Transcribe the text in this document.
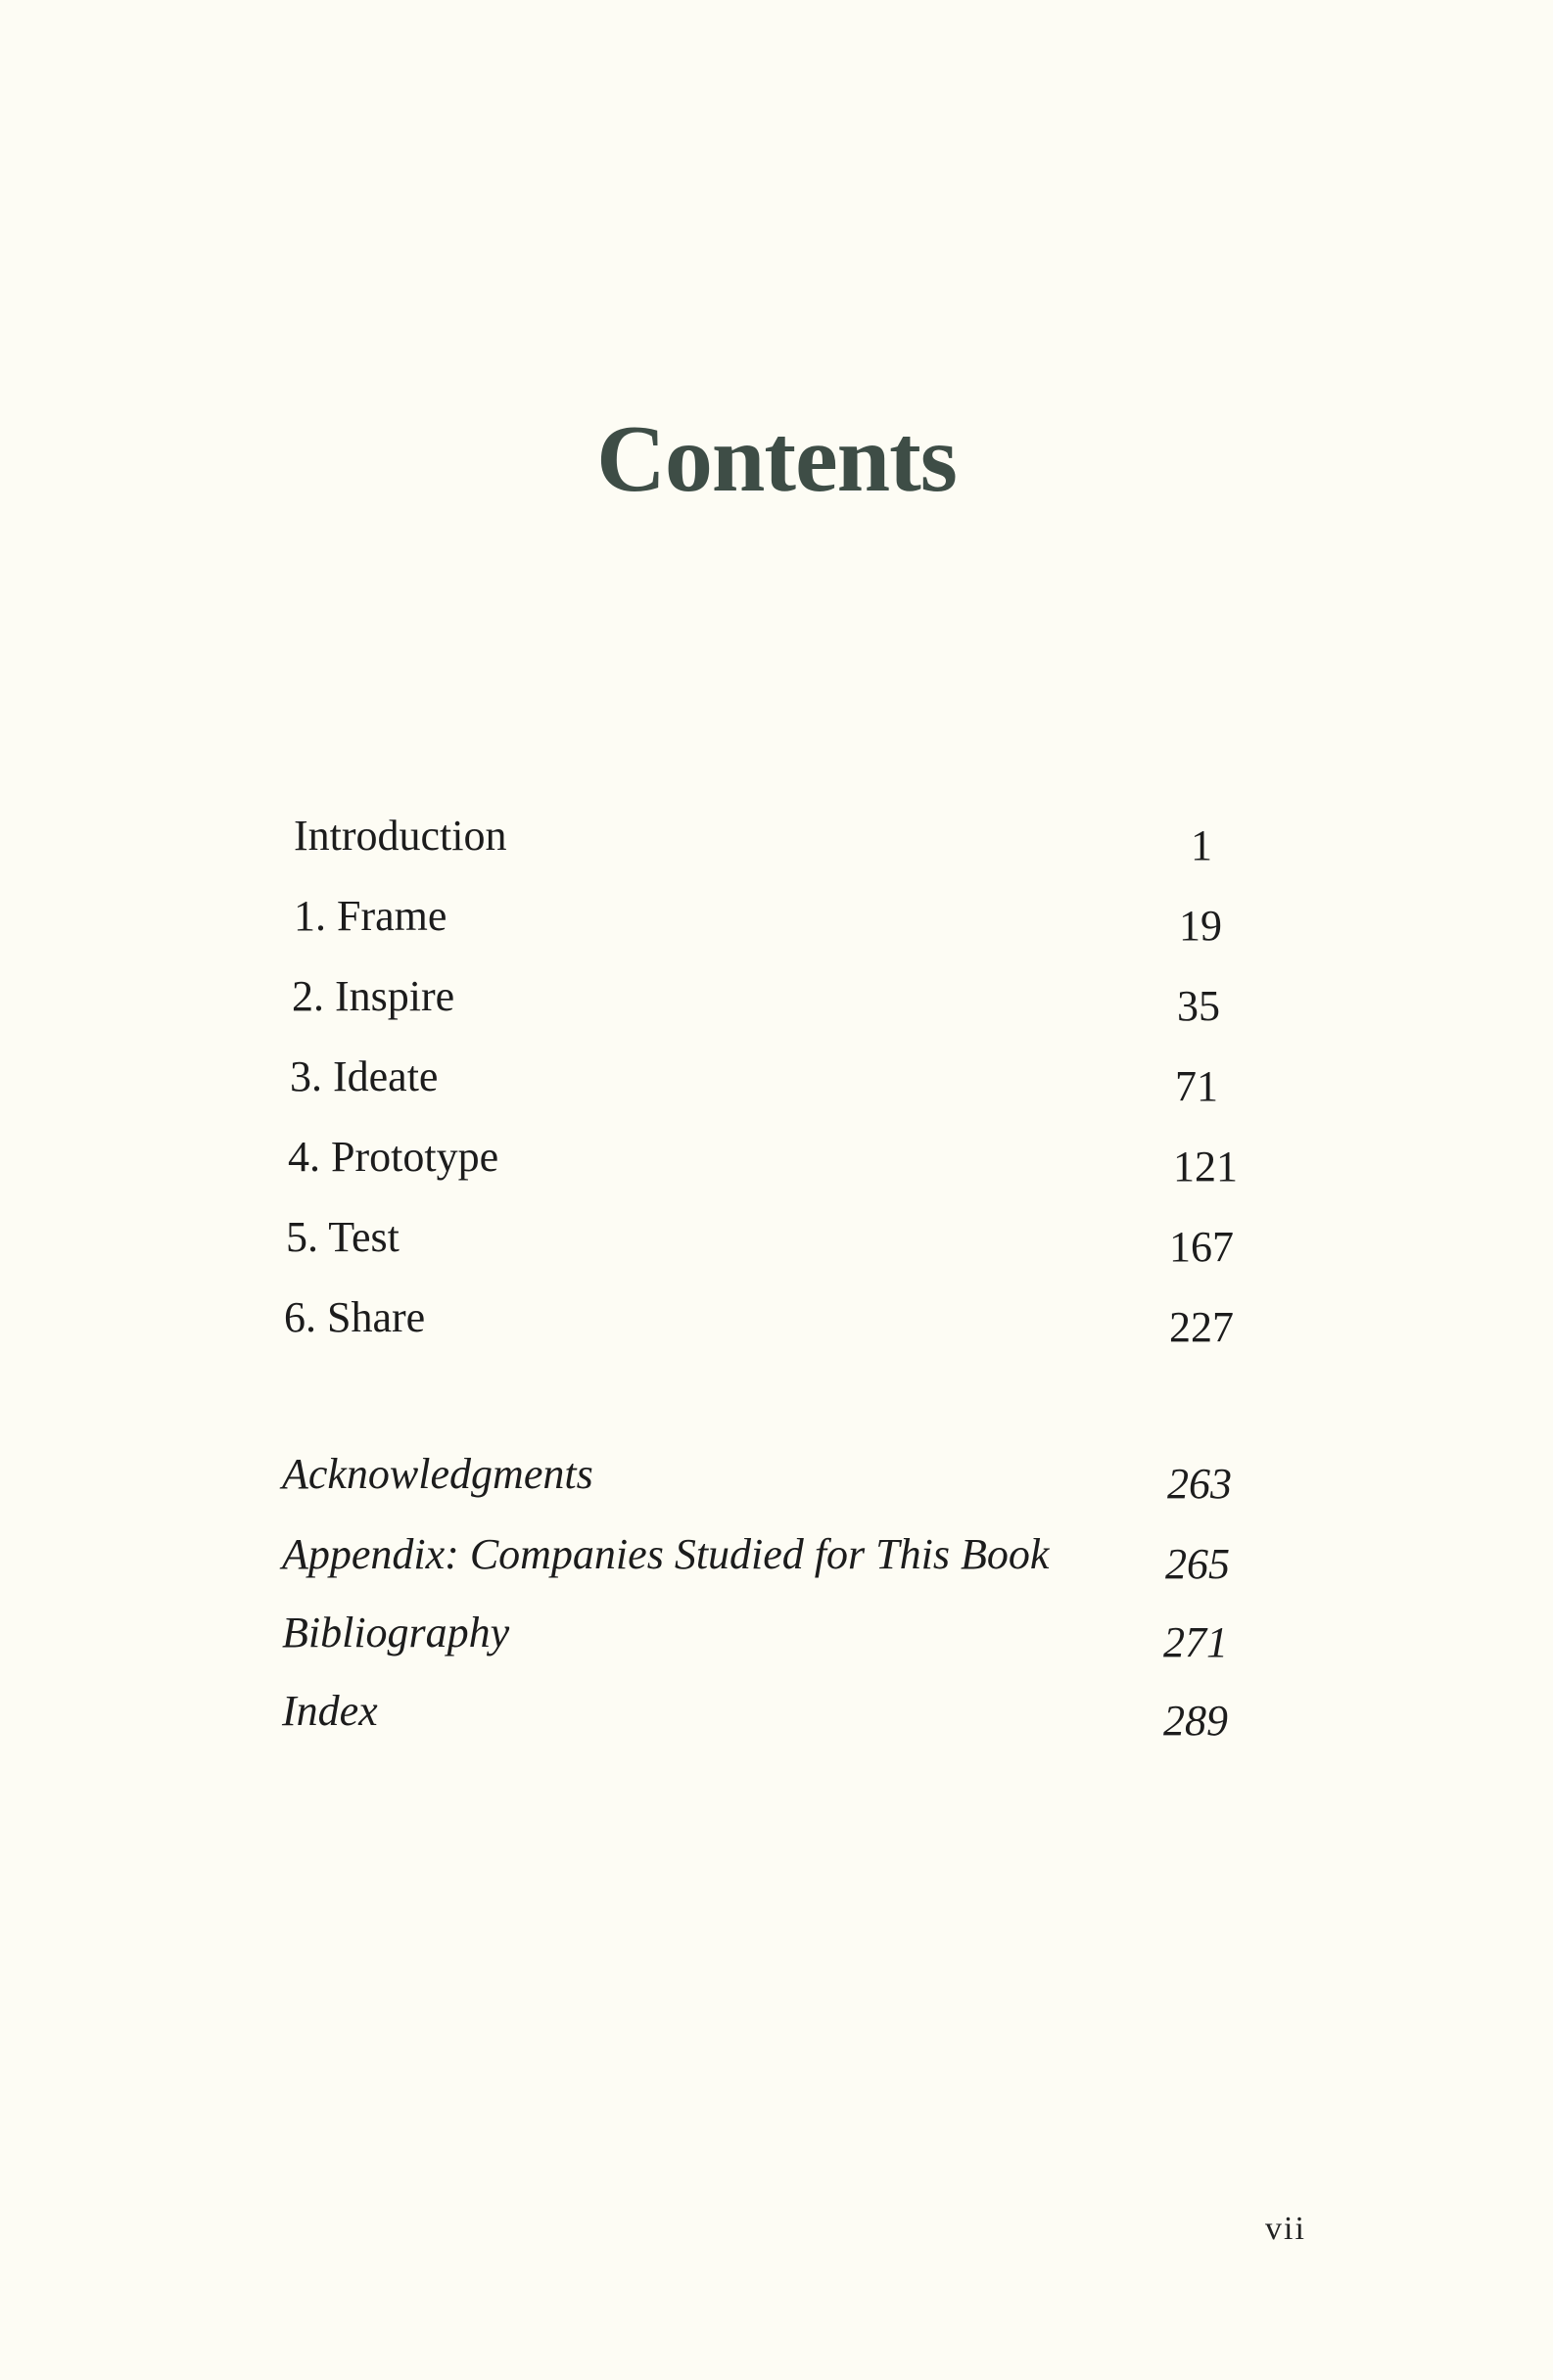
Contents
Introduction	1
1. Frame	19
2. Inspire	35
3. Ideate	71
4. Prototype	121
5. Test	167
6. Share	227
Acknowledgments	263
Appendix: Companies Studied for This Book	265
Bibliography	271
Index	289
vii
